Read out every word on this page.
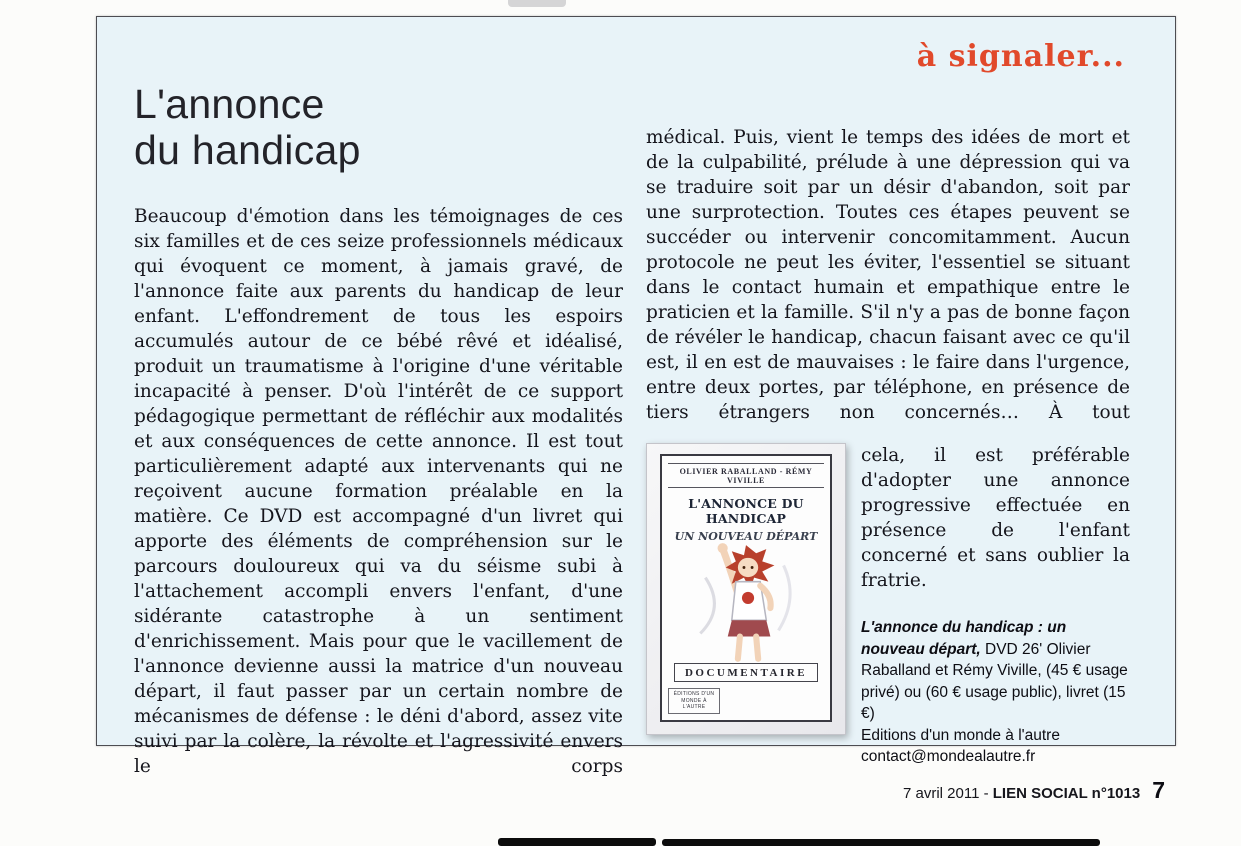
à signaler...
L'annonce
du handicap
Beaucoup d'émotion dans les témoignages de ces six familles et de ces seize professionnels médicaux qui évoquent ce moment, à jamais gravé, de l'annonce faite aux parents du handicap de leur enfant. L'effondrement de tous les espoirs accumulés autour de ce bébé rêvé et idéalisé, produit un traumatisme à l'origine d'une véritable incapacité à penser. D'où l'intérêt de ce support pédagogique permettant de réfléchir aux modalités et aux conséquences de cette annonce. Il est tout particulièrement adapté aux intervenants qui ne reçoivent aucune formation préalable en la matière. Ce DVD est accompagné d'un livret qui apporte des éléments de compréhension sur le parcours douloureux qui va du séisme subi à l'attachement accompli envers l'enfant, d'une sidérante catastrophe à un sentiment d'enrichissement. Mais pour que le vacillement de l'annonce devienne aussi la matrice d'un nouveau départ, il faut passer par un certain nombre de mécanismes de défense : le déni d'abord, assez vite suivi par la colère, la révolte et l'agressivité envers le corps

médical. Puis, vient le temps des idées de mort et de la culpabilité, prélude à une dépression qui va se traduire soit par un désir d'abandon, soit par une surprotection. Toutes ces étapes peuvent se succéder ou intervenir concomitamment. Aucun protocole ne peut les éviter, l'essentiel se situant dans le contact humain et empathique entre le praticien et la famille. S'il n'y a pas de bonne façon de révéler le handicap, chacun faisant avec ce qu'il est, il en est de mauvaises : le faire dans l'urgence, entre deux portes, par téléphone, en présence de tiers étrangers non concernés… À tout

OLIVIER RABALLAND - RÉMY VIVILLE
L'ANNONCE DU HANDICAP
UN NOUVEAU DÉPART
DOCUMENTAIRE
ÉDITIONS D'UN MONDE À L'AUTRE

cela, il est préférable d'adopter une annonce progressive effectuée en présence de l'enfant concerné et sans oublier la fratrie.

L'annonce du handicap : un nouveau départ, DVD 26' Olivier Raballand et Rémy Viville, (45 € usage privé) ou (60 € usage public), livret (15 €)

Editions d'un monde à l'autre
contact@mondealautre.fr
7 avril 2011 - LIEN SOCIAL n°1013 7
